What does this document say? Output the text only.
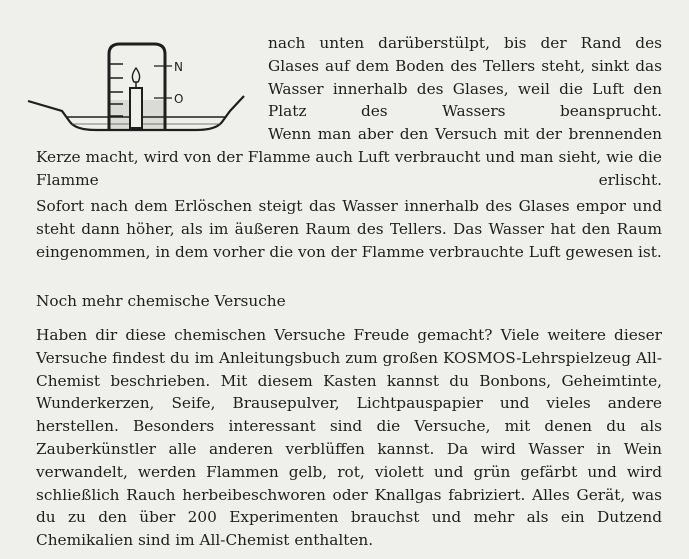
N
O

nach unten darüberstülpt, bis der Rand des Glases auf dem Boden des Tellers steht, sinkt das Wasser innerhalb des Glases, weil die Luft den Platz des Wassers beansprucht.

Wenn man aber den Versuch mit der brennenden Kerze macht, wird von der Flamme auch Luft verbraucht und man sieht, wie die Flamme erlischt.

Sofort nach dem Erlöschen steigt das Wasser innerhalb des Glases empor und steht dann höher, als im äußeren Raum des Tellers. Das Wasser hat den Raum eingenommen, in dem vorher die von der Flamme verbrauchte Luft gewesen ist.

Noch mehr chemische Versuche

Haben dir diese chemischen Versuche Freude gemacht? Viele weitere dieser Versuche findest du im Anleitungsbuch zum großen KOSMOS-Lehrspielzeug All-Chemist beschrieben. Mit diesem Kasten kannst du Bonbons, Geheimtinte, Wunderkerzen, Seife, Brausepulver, Lichtpauspapier und vieles andere herstellen. Besonders interessant sind die Versuche, mit denen du als Zauberkünstler alle anderen verblüffen kannst. Da wird Wasser in Wein verwandelt, werden Flammen gelb, rot, violett und grün gefärbt und wird schließlich Rauch herbeibeschworen oder Knallgas fabriziert. Alles Gerät, was du zu den über 200 Experimenten brauchst und mehr als ein Dutzend Chemikalien sind im All-Chemist enthalten.
